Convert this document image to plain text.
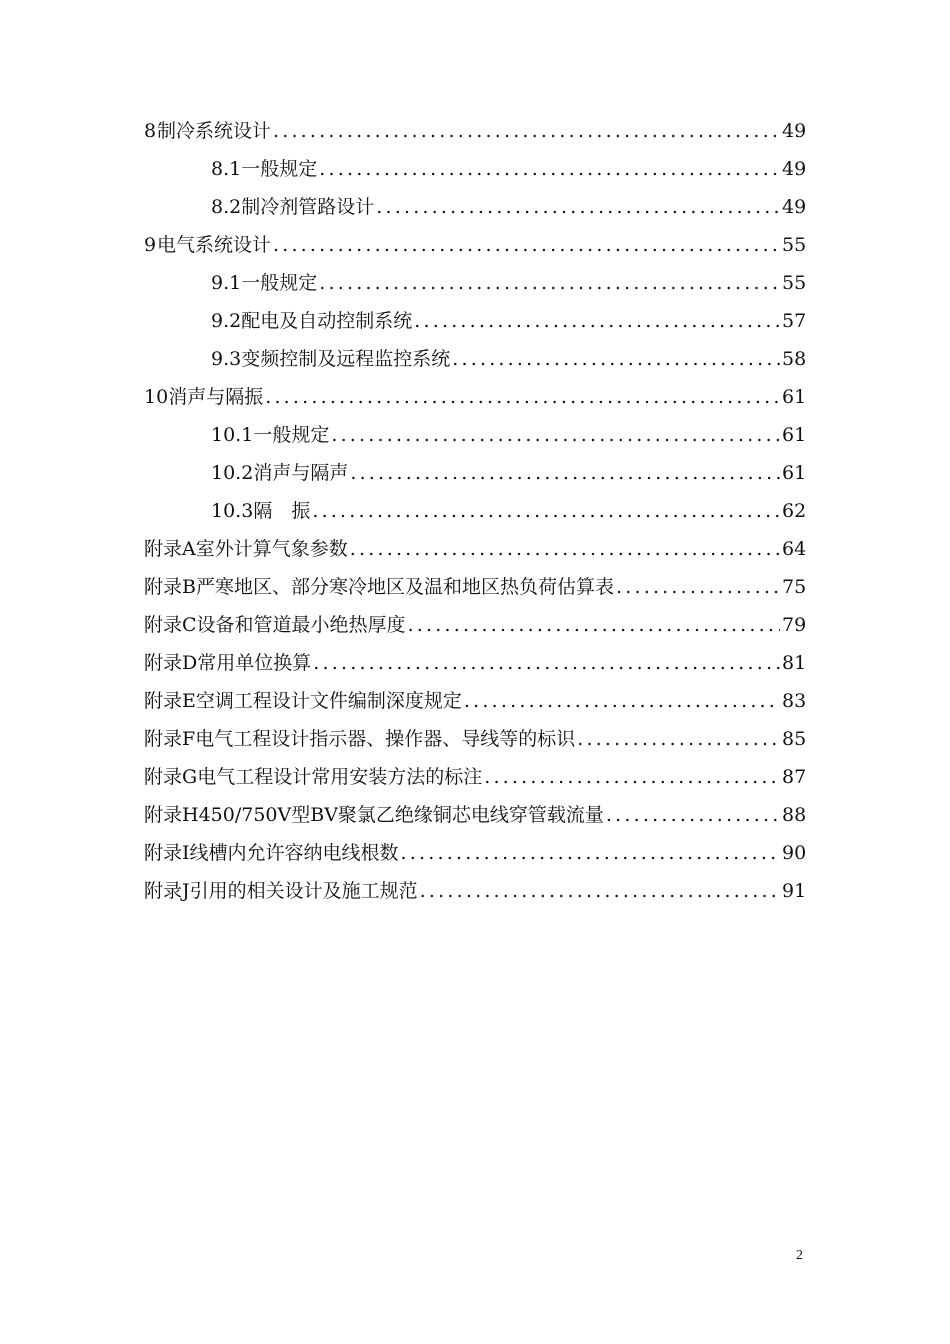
8 制冷系统设计 .....	49
8.1 一般规定 .....	49
8.2 制冷剂管路设计 .....	49
9 电气系统设计 .....	55
9.1 一般规定 .....	55
9.2 配电及自动控制系统 .....	57
9.3 变频控制及远程监控系统 .....	58
10 消声与隔振 .....	61
10.1 一般规定 .....	61
10.2 消声与隔声 .....	61
10.3 隔　振 .....	62
附录A 室外计算气象参数 .....	64
附录B 严寒地区、部分寒冷地区及温和地区热负荷估算表 .....	75
附录C 设备和管道最小绝热厚度 .....	79
附录D 常用单位换算 .....	81
附录E 空调工程设计文件编制深度规定 .....	83
附录F 电气工程设计指示器、操作器、导线等的标识 .....	85
附录G 电气工程设计常用安装方法的标注 .....	87
附录H 450/750V型BV聚氯乙绝缘铜芯电线穿管载流量 .....	88
附录I 线槽内允许容纳电线根数 .....	90
附录J 引用的相关设计及施工规范 .....	91
2
